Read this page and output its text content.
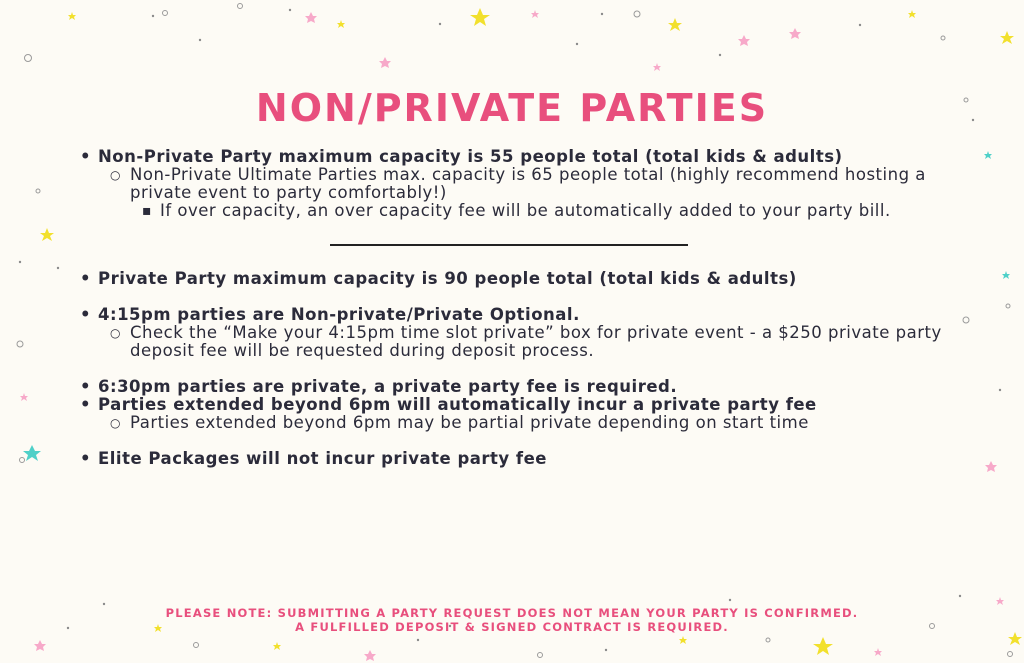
NON/PRIVATE PARTIES
• Non-Private Party maximum capacity is 55 people total (total kids & adults)
○ Non-Private Ultimate Parties max. capacity is 65 people total (highly recommend hosting a private event to party comfortably!)
▪ If over capacity, an over capacity fee will be automatically added to your party bill.
• Private Party maximum capacity is 90 people total (total kids & adults)
• 4:15pm parties are Non-private/Private Optional.
○ Check the “Make your 4:15pm time slot private” box for private event - a $250 private party deposit fee will be requested during deposit process.
• 6:30pm parties are private, a private party fee is required.
• Parties extended beyond 6pm will automatically incur a private party fee
○ Parties extended beyond 6pm may be partial private depending on start time
• Elite Packages will not incur private party fee
PLEASE NOTE: SUBMITTING A PARTY REQUEST DOES NOT MEAN YOUR PARTY IS CONFIRMED.
A FULFILLED DEPOSIT & SIGNED CONTRACT IS REQUIRED.
